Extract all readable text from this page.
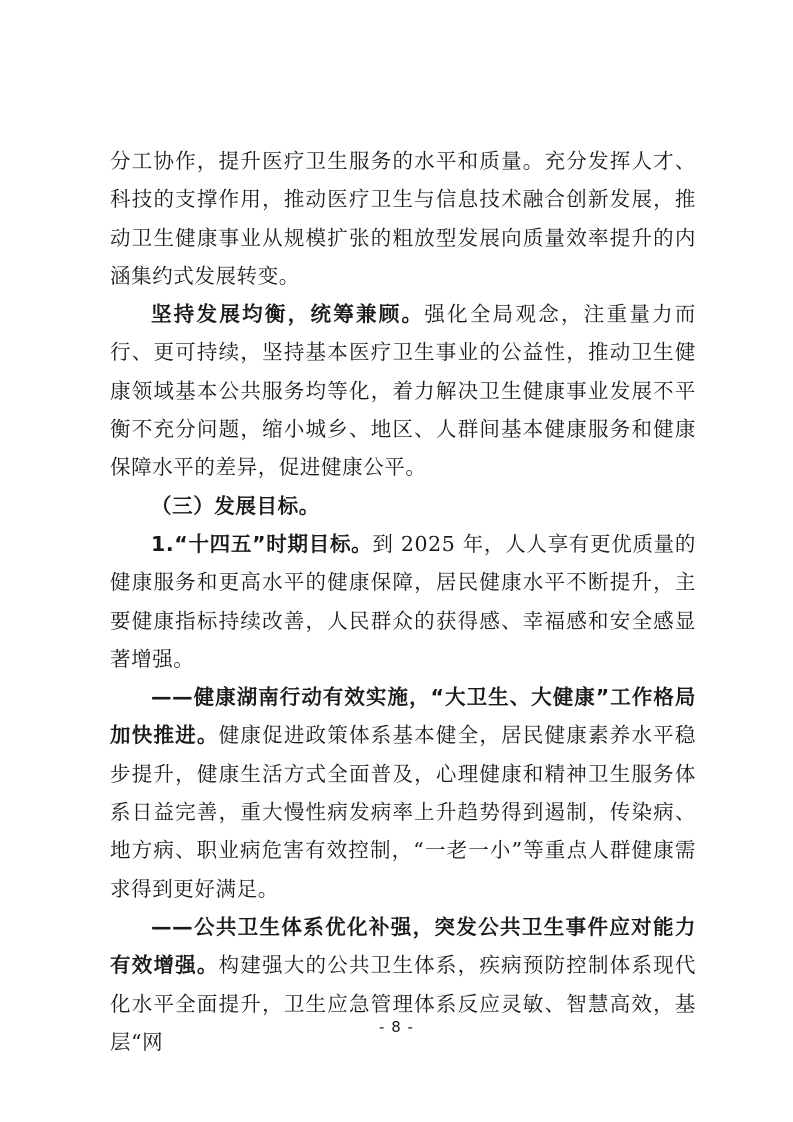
分工协作，提升医疗卫生服务的水平和质量。充分发挥人才、科技的支撑作用，推动医疗卫生与信息技术融合创新发展，推动卫生健康事业从规模扩张的粗放型发展向质量效率提升的内涵集约式发展转变。

坚持发展均衡，统筹兼顾。强化全局观念，注重量力而行、更可持续，坚持基本医疗卫生事业的公益性，推动卫生健康领域基本公共服务均等化，着力解决卫生健康事业发展不平衡不充分问题，缩小城乡、地区、人群间基本健康服务和健康保障水平的差异，促进健康公平。

（三）发展目标。

1.“十四五”时期目标。到 2025 年，人人享有更优质量的健康服务和更高水平的健康保障，居民健康水平不断提升，主要健康指标持续改善，人民群众的获得感、幸福感和安全感显著增强。

——健康湖南行动有效实施，“大卫生、大健康”工作格局加快推进。健康促进政策体系基本健全，居民健康素养水平稳步提升，健康生活方式全面普及，心理健康和精神卫生服务体系日益完善，重大慢性病发病率上升趋势得到遏制，传染病、地方病、职业病危害有效控制，“一老一小”等重点人群健康需求得到更好满足。

——公共卫生体系优化补强，突发公共卫生事件应对能力有效增强。构建强大的公共卫生体系，疾病预防控制体系现代化水平全面提升，卫生应急管理体系反应灵敏、智慧高效，基层“网

- 8 -
